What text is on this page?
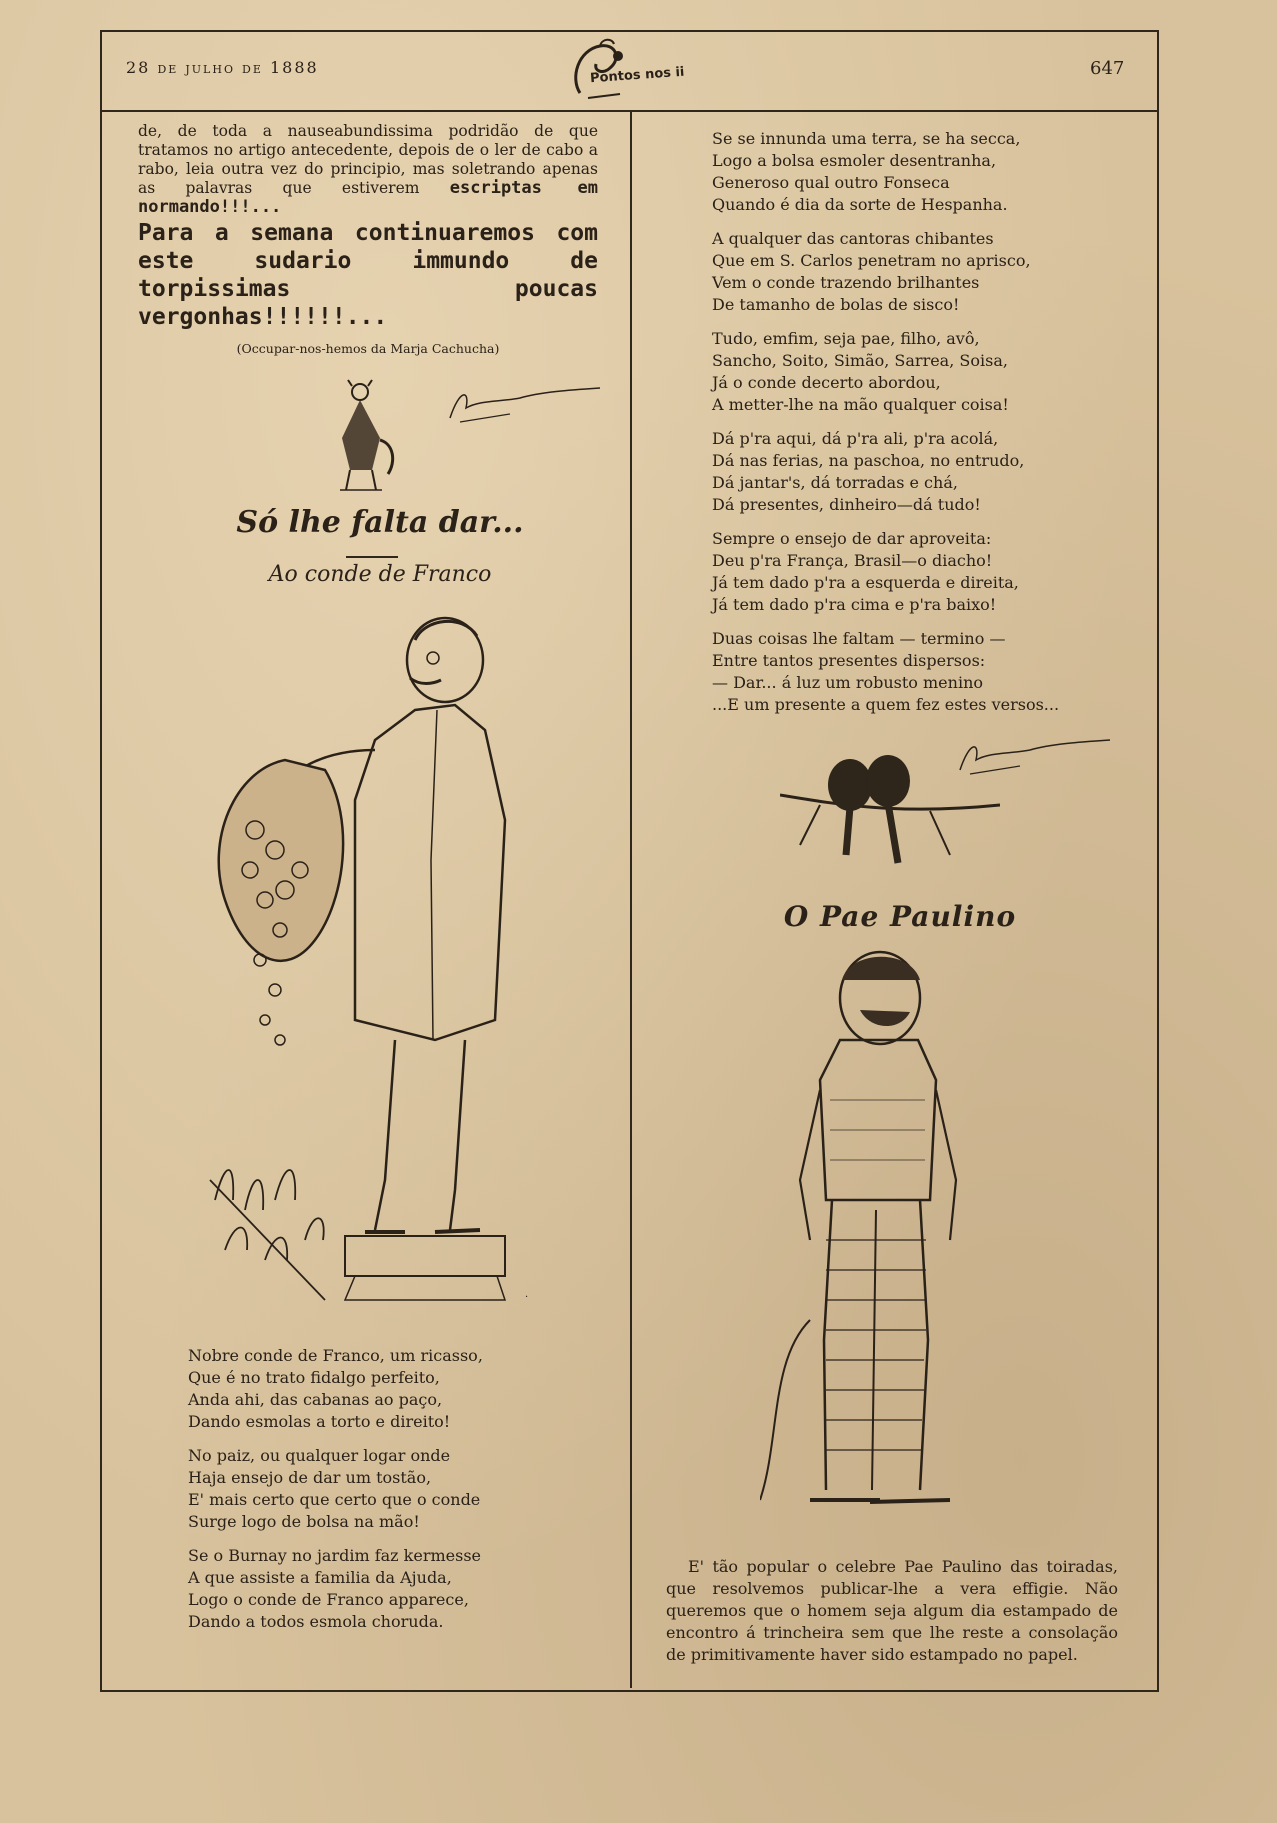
28 de julho de 1888	Pontos nos ii	647

de, de toda a nauseabundissima podridão de que tratamos no artigo antecedente, depois de o ler de cabo a rabo, leia outra vez do principio, mas soletrando apenas as palavras que estiverem escriptas em normando!!!...

Para a semana continuaremos com este sudario immundo de torpissimas poucas vergonhas!!!!!!...

(Occupar-nos-hemos da Marja Cachucha)

Só lhe falta dar...
Ao conde de Franco
·
Nobre conde de Franco, um ricasso,
Que é no trato fidalgo perfeito,
Anda ahi, das cabanas ao paço,
Dando esmolas a torto e direito!
No paiz, ou qualquer logar onde
Haja ensejo de dar um tostão,
E' mais certo que certo que o conde
Surge logo de bolsa na mão!
Se o Burnay no jardim faz kermesse
A que assiste a familia da Ajuda,
Logo o conde de Franco apparece,
Dando a todos esmola choruda.
Se se innunda uma terra, se ha secca,
Logo a bolsa esmoler desentranha,
Generoso qual outro Fonseca
Quando é dia da sorte de Hespanha.
A qualquer das cantoras chibantes
Que em S. Carlos penetram no aprisco,
Vem o conde trazendo brilhantes
De tamanho de bolas de sisco!
Tudo, emfim, seja pae, filho, avô,
Sancho, Soito, Simão, Sarrea, Soisa,
Já o conde decerto abordou,
A metter-lhe na mão qualquer coisa!
Dá p'ra aqui, dá p'ra ali, p'ra acolá,
Dá nas ferias, na paschoa, no entrudo,
Dá jantar's, dá torradas e chá,
Dá presentes, dinheiro—dá tudo!
Sempre o ensejo de dar aproveita:
Deu p'ra França, Brasil—o diacho!
Já tem dado p'ra a esquerda e direita,
Já tem dado p'ra cima e p'ra baixo!
Duas coisas lhe faltam — termino —
Entre tantos presentes dispersos:
— Dar... á luz um robusto menino
...E um presente a quem fez estes versos...
O Pae Paulino

E' tão popular o celebre Pae Paulino das toiradas, que resolvemos publicar-lhe a vera effigie. Não queremos que o homem seja algum dia estampado de encontro á trincheira sem que lhe reste a consolação de primitivamente haver sido estampado no papel.
